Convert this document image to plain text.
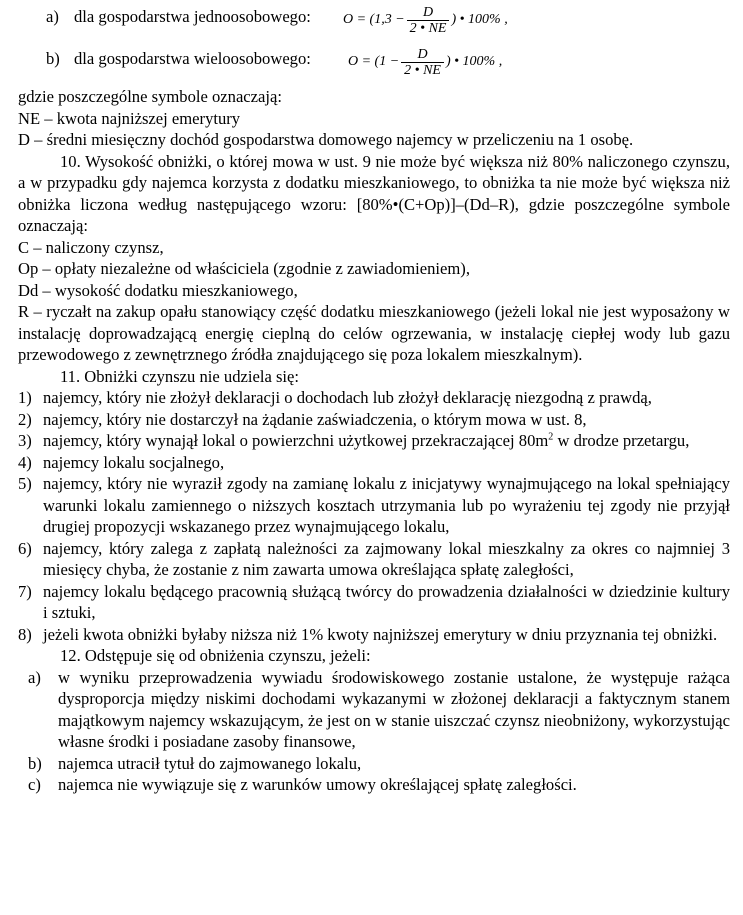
a) dla gospodarstwa jednoosobowego: $O = (1,3 - \frac{D}{2 • NE}$ ) • 100% ,
b) dla gospodarstwa wieloosobowego:	$O = (1 - \frac{D}{2 • NE}$ ) • 100% ,

gdzie poszczególne symbole oznaczają:

NE – kwota najniższej emerytury

D – średni miesięczny dochód gospodarstwa domowego najemcy w przeliczeniu na 1 osobę.

10. Wysokość obniżki, o której mowa w ust. 9 nie może być większa niż 80% naliczonego czynszu, a w przypadku gdy najemca korzysta z dodatku mieszkaniowego, to obniżka ta nie może być większa niż obniżka liczona według następującego wzoru: [80%•(C+Op)]–(Dd–R), gdzie poszczególne symbole oznaczają:

C – naliczony czynsz,

Op – opłaty niezależne od właściciela (zgodnie z zawiadomieniem),

Dd – wysokość dodatku mieszkaniowego,

R – ryczałt na zakup opału stanowiący część dodatku mieszkaniowego (jeżeli lokal nie jest wyposażony w instalację doprowadzającą energię cieplną do celów ogrzewania, w instalację ciepłej wody lub gazu przewodowego z zewnętrznego źródła znajdującego się poza lokalem mieszkalnym).

11. Obniżki czynszu nie udziela się:

1) najemcy, który nie złożył deklaracji o dochodach lub złożył deklarację niezgodną z prawdą,

2) najemcy, który nie dostarczył na żądanie zaświadczenia, o którym mowa w ust. 8,

3) najemcy, który wynajął lokal o powierzchni użytkowej przekraczającej $80m^2$ w drodze przetargu,

4) najemcy lokalu socjalnego,

5) najemcy, który nie wyraził zgody na zamianę lokalu z inicjatywy wynajmującego na lokal spełniający warunki lokalu zamiennego o niższych kosztach utrzymania lub po wyrażeniu tej zgody nie przyjął drugiej propozycji wskazanego przez wynajmującego lokalu,

6) najemcy, który zalega z zapłatą należności za zajmowany lokal mieszkalny za okres co najmniej 3 miesięcy chyba, że zostanie z nim zawarta umowa określająca spłatę zaległości,

7) najemcy lokalu będącego pracownią służącą twórcy do prowadzenia działalności w dziedzinie kultury i sztuki,

8) jeżeli kwota obniżki byłaby niższa niż 1% kwoty najniższej emerytury w dniu przyznania tej obniżki.

12. Odstępuje się od obniżenia czynszu, jeżeli:

a) w wyniku przeprowadzenia wywiadu środowiskowego zostanie ustalone, że występuje rażąca dysproporcja między niskimi dochodami wykazanymi w złożonej deklaracji a faktycznym stanem majątkowym najemcy wskazującym, że jest on w stanie uiszczać czynsz nieobniżony, wykorzystując własne środki i posiadane zasoby finansowe,

b) najemca utracił tytuł do zajmowanego lokalu,

c) najemca nie wywiązuje się z warunków umowy określającej spłatę zaległości.
